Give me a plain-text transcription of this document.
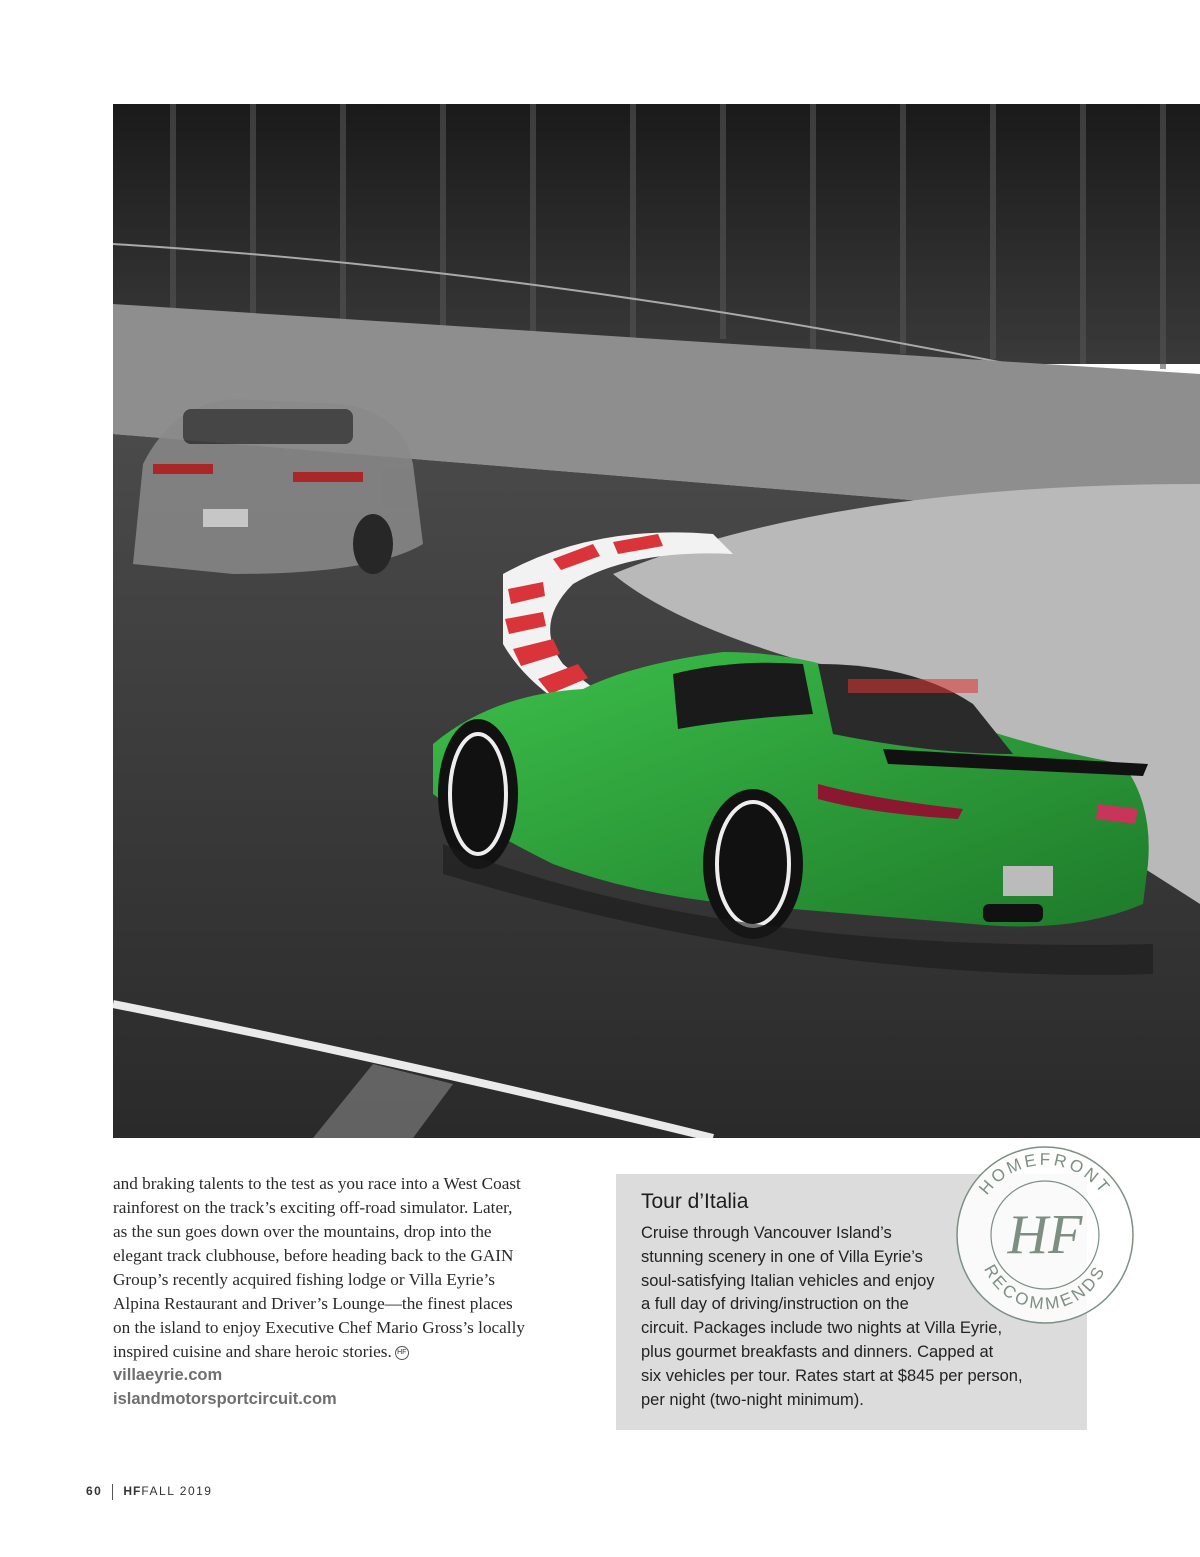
and braking talents to the test as you race into a West Coast
rainforest on the track’s exciting off-road simulator. Later,
as the sun goes down over the mountains, drop into the
elegant track clubhouse, before heading back to the GAIN
Group’s recently acquired fishing lodge or Villa Eyrie’s
Alpina Restaurant and Driver’s Lounge—the finest places
on the island to enjoy Executive Chef Mario Gross’s locally
inspired cuisine and share heroic stories. HF
villaeyrie.com
islandmotorsportcircuit.com
Tour d’Italia
Cruise through Vancouver Island’s
stunning scenery in one of Villa Eyrie’s
soul-satisfying Italian vehicles and enjoy
a full day of driving/instruction on the
circuit. Packages include two nights at Villa Eyrie,
plus gourmet breakfasts and dinners. Capped at
six vehicles per tour. Rates start at $845 per person,
per night (two-night minimum).
HOMEFRONT
RECOMMENDS
HF
60 HFFALL 2019
